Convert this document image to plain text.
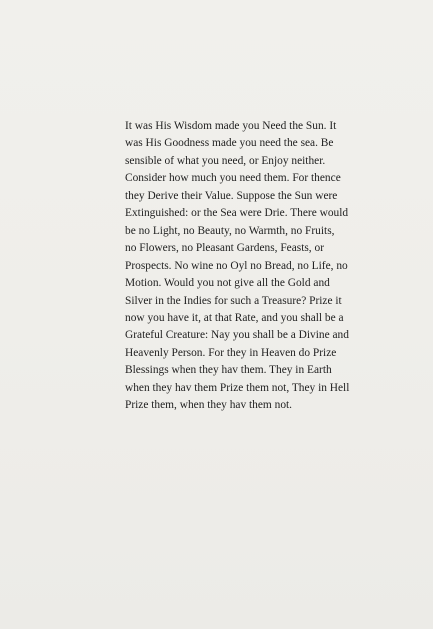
It was His Wisdom made you Need the Sun. It
was His Goodness made you need the sea. Be
sensible of what you need, or Enjoy neither.
Consider how much you need them. For thence
they Derive their Value. Suppose the Sun were
Extinguished: or the Sea were Drie. There would
be no Light, no Beauty, no Warmth, no Fruits,
no Flowers, no Pleasant Gardens, Feasts, or
Prospects. No wine no Oyl no Bread, no Life, no
Motion. Would you not give all the Gold and
Silver in the Indies for such a Treasure? Prize it
now you have it, at that Rate, and you shall be a
Grateful Creature: Nay you shall be a Divine and
Heavenly Person. For they in Heaven do Prize
Blessings when they hav them. They in Earth
when they hav them Prize them not, They in Hell
Prize them, when they hav them not.
